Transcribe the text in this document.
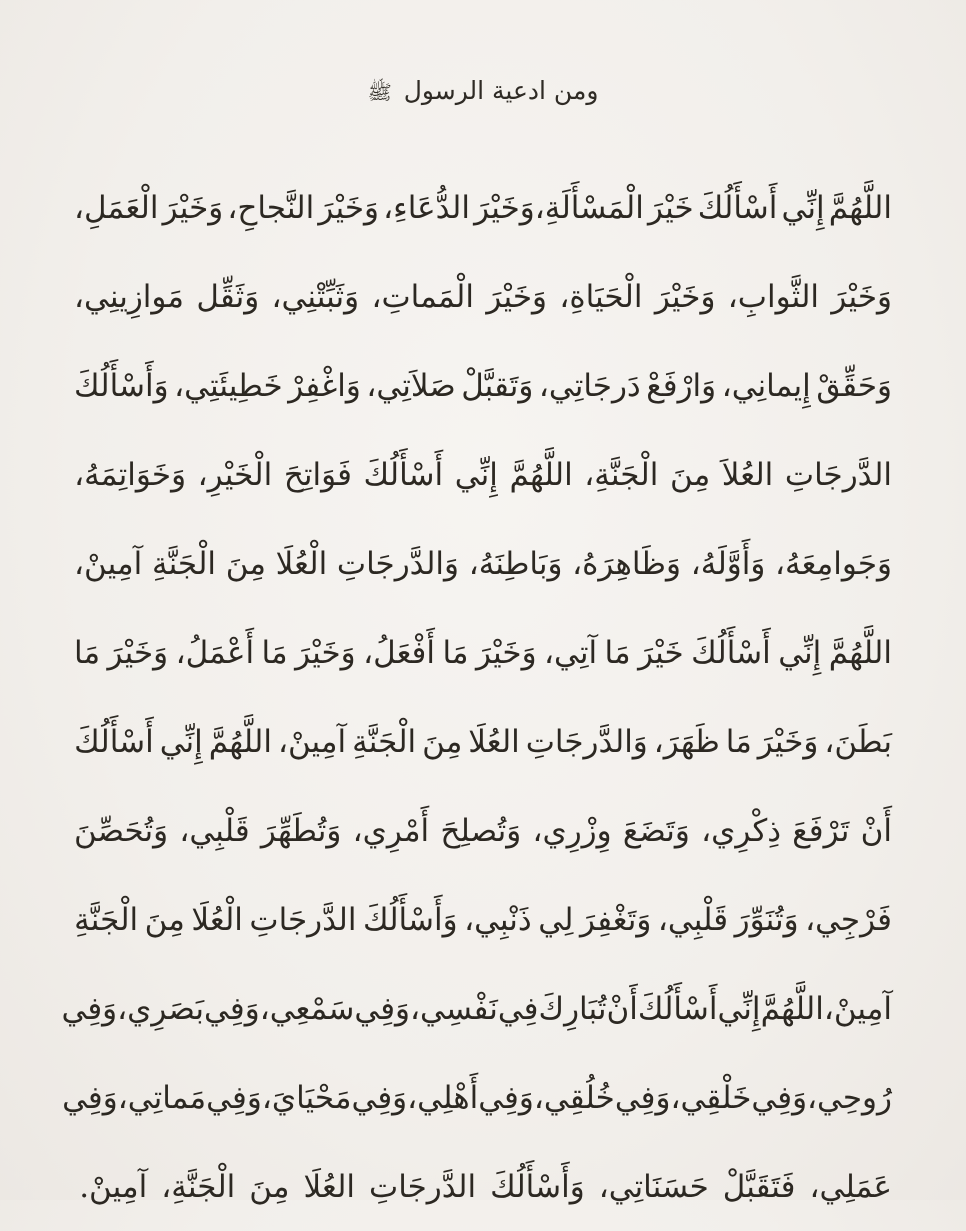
ومن ادعية الرسول ﷺ
اللَّهُمَّ
إِنِّي
أَسْأَلُكَ
خَيْرَ
الْمَسْأَلَةِ،وَخَيْرَ
الدُّعَاءِ،
وَخَيْرَ
النَّجاحِ،
وَخَيْرَ
الْعَمَلِ،
وَخَيْرَ
الثَّوابِ،
وَخَيْرَ
الْحَيَاةِ،
وَخَيْرَ
الْمَماتِ،
وَثَبِّتْنِي،
وَثَقِّل
مَوازِينِي،
وَحَقِّقْ
إِيمانِي،
وَارْفَعْ
دَرجَاتِي،
وَتَقبَّلْ
صَلاَتِي،
وَاغْفِرْ
خَطِيئَتِي،
وَأَسْأَلُكَ
الدَّرجَاتِ
العُلاَ
مِنَ
الْجَنَّةِ،
اللَّهُمَّ
إِنِّي
أَسْأَلُكَ
فَوَاتِحَ
الْخَيْرِ،
وَخَوَاتِمَهُ،
وَجَوامِعَهُ،
وَأَوَّلَهُ،
وَظَاهِرَهُ،
وَبَاطِنَهُ،
وَالدَّرجَاتِ
الْعُلَا
مِنَ
الْجَنَّةِ
آمِينْ،
اللَّهُمَّ
إِنِّي
أَسْأَلُكَ
خَيْرَ
مَا
آتِي،
وَخَيْرَ
مَا
أَفْعَلُ،
وَخَيْرَ
مَا
أَعْمَلُ،
وَخَيْرَ
مَا
بَطَنَ،
وَخَيْرَ
مَا
ظَهَرَ،
وَالدَّرجَاتِ
العُلَا
مِنَ
الْجَنَّةِ
آمِينْ،
اللَّهُمَّ
إِنِّي
أَسْأَلُكَ
أَنْ
تَرْفَعَ
ذِكْرِي،
وَتَضَعَ
وِزْرِي،
وَتُصلِحَ
أَمْرِي،
وَتُطَهِّرَ
قَلْبِي،
وَتُحَصِّنَ
فَرْجِي،
وَتُنَوِّرَ
قَلْبِي،
وَتَغْفِرَ
لِي
ذَنْبِي،
وَأَسْأَلُكَ
الدَّرجَاتِ
الْعُلَا
مِنَ
الْجَنَّةِ
آمِينْ،
اللَّهُمَّ
إِنِّي
أَسْأَلُكَ
أَنْ
تُبَارِكَ
فِي
نَفْسِي،
وَفِي
سَمْعِي،
وَفِي
بَصَرِي،
وَفِي
رُوحِي،
وَفِي
خَلْقِي،
وَفِي
خُلُقِي،
وَفِي
أَهْلِي،
وَفِي
مَحْيَايَ،
وَفِي
مَماتِي،
وَفِي
عَمَلِي،
فَتَقَبَّلْ
حَسَنَاتِي،
وَأَسْأَلُكَ
الدَّرجَاتِ
العُلَا
مِنَ
الْجَنَّةِ،
آمِينْ.
